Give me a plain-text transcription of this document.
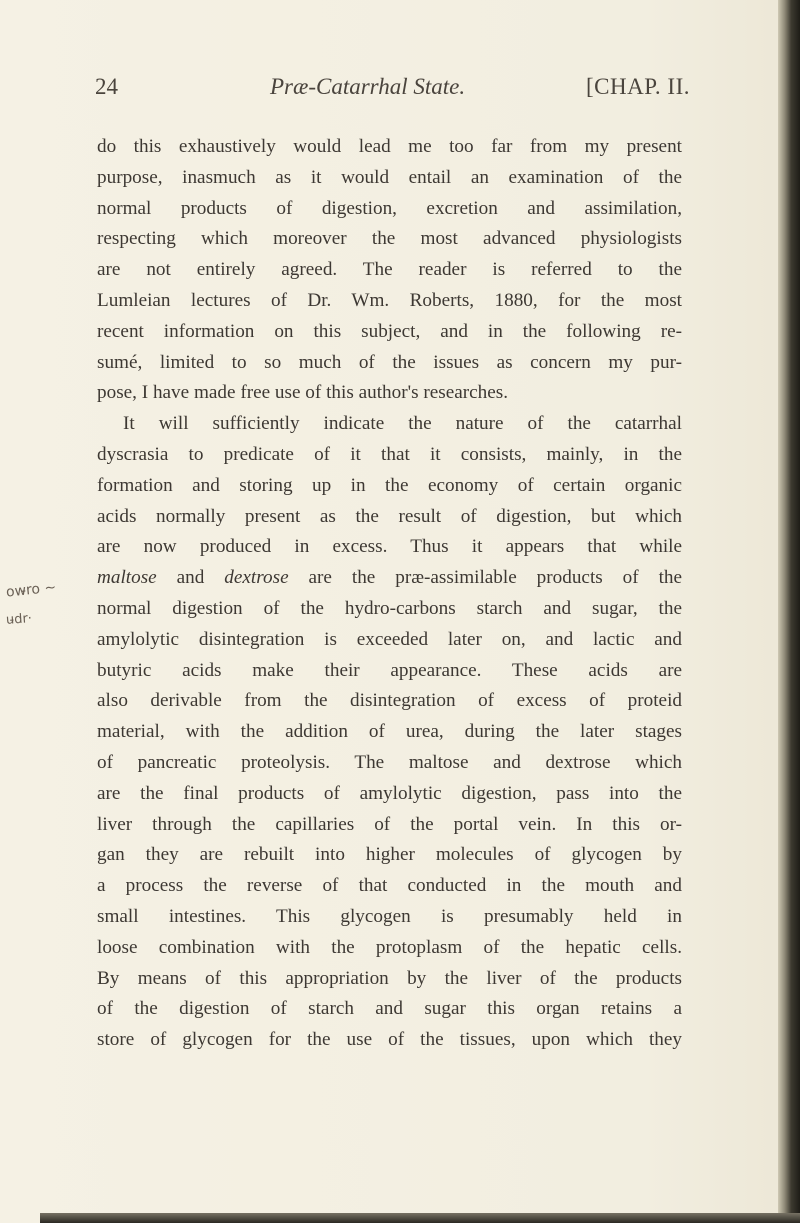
24	Præ-Catarrhal State.	[CHAP. II.
ow̵ro ~
u̵dr·
do this exhaustively would lead me too far from my present
purpose, inasmuch as it would entail an examination of the
normal products of digestion, excretion and assimilation,
respecting which moreover the most advanced physiologists
are not entirely agreed. The reader is referred to the
Lumleian lectures of Dr. Wm. Roberts, 1880, for the most
recent information on this subject, and in the following re-
sumé, limited to so much of the issues as concern my pur-
pose, I have made free use of this author's researches.
It will sufficiently indicate the nature of the catarrhal
dyscrasia to predicate of it that it consists, mainly, in the
formation and storing up in the economy of certain organic
acids normally present as the result of digestion, but which
are now produced in excess. Thus it appears that while
maltose and dextrose are the præ-assimilable products of the
normal digestion of the hydro-carbons starch and sugar, the
amylolytic disintegration is exceeded later on, and lactic and
butyric acids make their appearance. These acids are
also derivable from the disintegration of excess of proteid
material, with the addition of urea, during the later stages
of pancreatic proteolysis. The maltose and dextrose which
are the final products of amylolytic digestion, pass into the
liver through the capillaries of the portal vein. In this or-
gan they are rebuilt into higher molecules of glycogen by
a process the reverse of that conducted in the mouth and
small intestines. This glycogen is presumably held in
loose combination with the protoplasm of the hepatic cells.
By means of this appropriation by the liver of the products
of the digestion of starch and sugar this organ retains a
store of glycogen for the use of the tissues, upon which they
